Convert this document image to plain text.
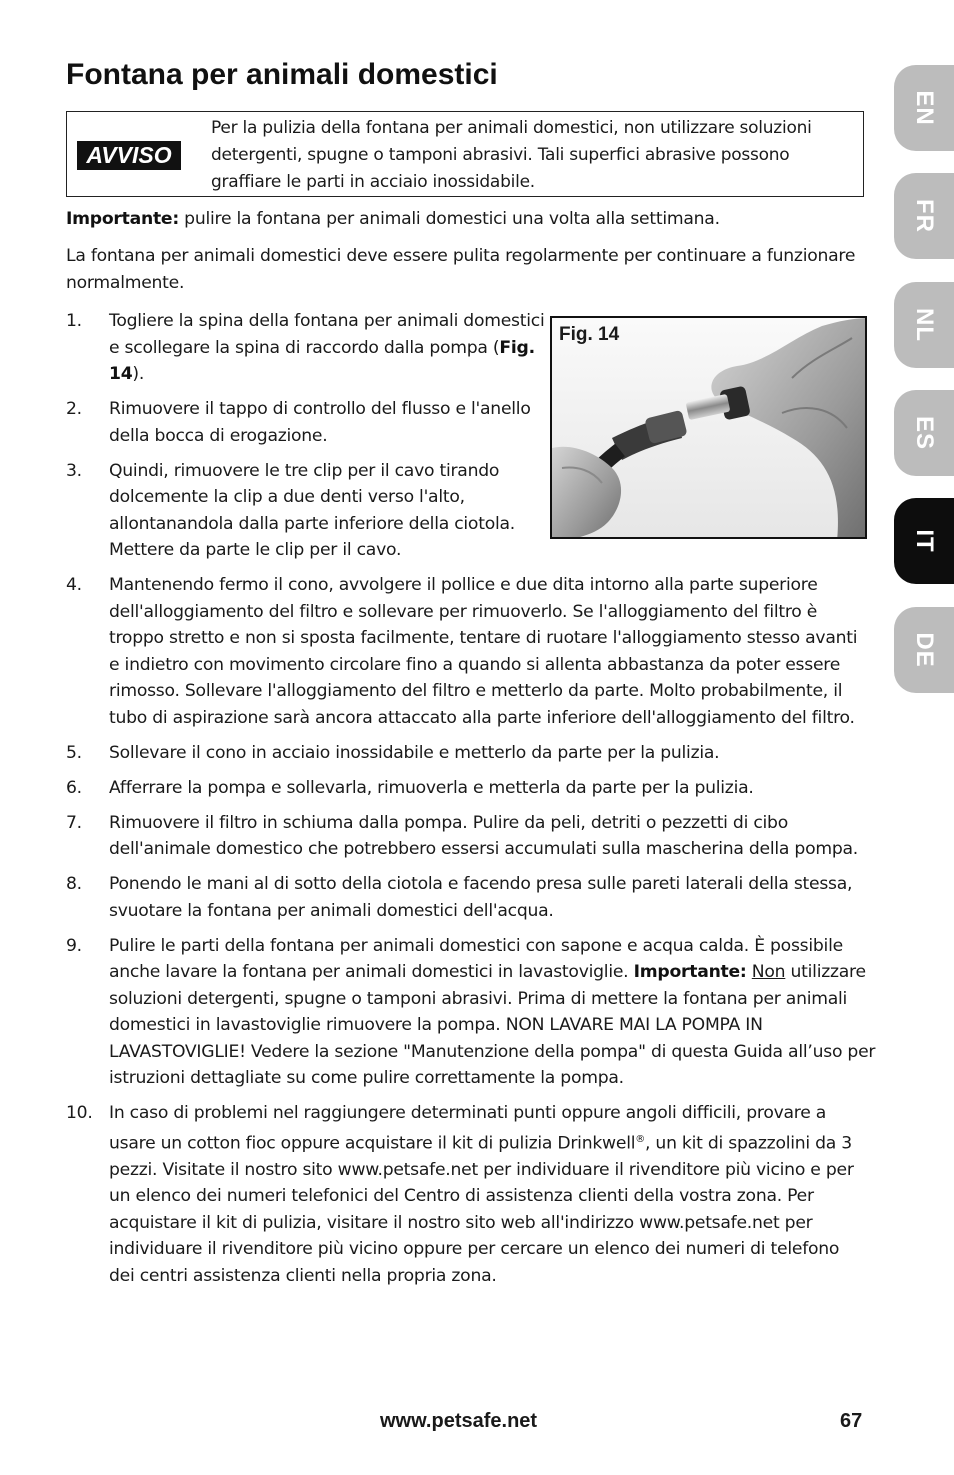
Fontana per animali domestici
AVVISO
Per la pulizia della fontana per animali domestici, non utilizzare soluzioni detergenti, spugne o tamponi abrasivi. Tali superfici abrasive possono graffiare le parti in acciaio inossidabile.

Importante: pulire la fontana per animali domestici una volta alla settimana.

La fontana per animali domestici deve essere pulita regolarmente per continuare a funzionare normalmente.

Fig. 14
1. Togliere la spina della fontana per animali domestici e scollegare la spina di raccordo dalla pompa (Fig. 14).
2. Rimuovere il tappo di controllo del flusso e l'anello della bocca di erogazione.
3. Quindi, rimuovere le tre clip per il cavo tirando dolcemente la clip a due denti verso l'alto, allontanandola dalla parte inferiore della ciotola. Mettere da parte le clip per il cavo.
4. Mantenendo fermo il cono, avvolgere il pollice e due dita intorno alla parte superiore dell'alloggiamento del filtro e sollevare per rimuoverlo. Se l'alloggiamento del filtro è troppo stretto e non si sposta facilmente, tentare di ruotare l'alloggiamento stesso avanti e indietro con movimento circolare fino a quando si allenta abbastanza da poter essere rimosso. Sollevare l'alloggiamento del filtro e metterlo da parte. Molto probabilmente, il tubo di aspirazione sarà ancora attaccato alla parte inferiore dell'alloggiamento del filtro.
5. Sollevare il cono in acciaio inossidabile e metterlo da parte per la pulizia.
6. Afferrare la pompa e sollevarla, rimuoverla e metterla da parte per la pulizia.
7. Rimuovere il filtro in schiuma dalla pompa. Pulire da peli, detriti o pezzetti di cibo dell'animale domestico che potrebbero essersi accumulati sulla mascherina della pompa.
8. Ponendo le mani al di sotto della ciotola e facendo presa sulle pareti laterali della stessa, svuotare la fontana per animali domestici dell'acqua.
9. Pulire le parti della fontana per animali domestici con sapone e acqua calda. È possibile anche lavare la fontana per animali domestici in lavastoviglie. Importante: Non utilizzare soluzioni detergenti, spugne o tamponi abrasivi. Prima di mettere la fontana per animali domestici in lavastoviglie rimuovere la pompa. NON LAVARE MAI LA POMPA IN LAVASTOVIGLIE! Vedere la sezione "Manutenzione della pompa" di questa Guida all’uso per istruzioni dettagliate su come pulire correttamente la pompa.
10. In caso di problemi nel raggiungere determinati punti oppure angoli difficili, provare a usare un cotton fioc oppure acquistare il kit di pulizia Drinkwell®, un kit di spazzolini da 3 pezzi. Visitate il nostro sito www.petsafe.net per individuare il rivenditore più vicino e per un elenco dei numeri telefonici del Centro di assistenza clienti della vostra zona. Per acquistare il kit di pulizia, visitare il nostro sito web all'indirizzo www.petsafe.net per individuare il rivenditore più vicino oppure per cercare un elenco dei numeri di telefono dei centri assistenza clienti nella propria zona.
EN
FR
NL
ES
IT
DE
www.petsafe.net	67
